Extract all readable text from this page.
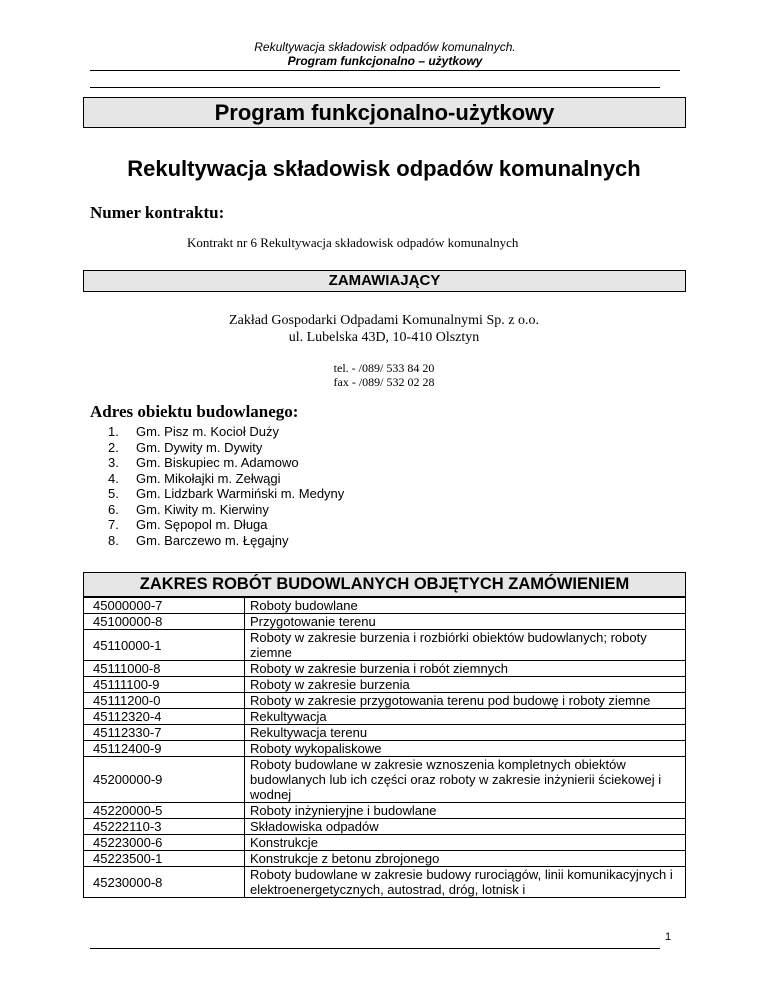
Rekultywacja składowisk odpadów komunalnych.
Program funkcjonalno – użytkowy
Program funkcjonalno-użytkowy
Rekultywacja składowisk odpadów komunalnych
Numer kontraktu:
Kontrakt nr 6 Rekultywacja składowisk odpadów komunalnych
ZAMAWIAJĄCY
Zakład Gospodarki Odpadami Komunalnymi Sp. z o.o.
ul. Lubelska 43D, 10-410 Olsztyn
tel. - /089/ 533 84 20
fax - /089/ 532 02 28
Adres obiektu budowlanego:
1.	Gm. Pisz m. Kocioł Duży
2.	Gm. Dywity m. Dywity
3.	Gm. Biskupiec m. Adamowo
4.	Gm. Mikołajki m. Zełwągi
5.	Gm. Lidzbark Warmiński m. Medyny
6.	Gm. Kiwity m. Kierwiny
7.	Gm. Sępopol m. Długa
8.	Gm. Barczewo m. Łęgajny
ZAKRES ROBÓT BUDOWLANYCH OBJĘTYCH ZAMÓWIENIEM
45000000-7	Roboty budowlane
45100000-8	Przygotowanie terenu
45110000-1	Roboty w zakresie burzenia i rozbiórki obiektów budowlanych; roboty ziemne
45111000-8	Roboty w zakresie burzenia i robót ziemnych
45111100-9	Roboty w zakresie burzenia
45111200-0	Roboty w zakresie przygotowania terenu pod budowę i roboty ziemne
45112320-4	Rekultywacja
45112330-7	Rekultywacja terenu
45112400-9	Roboty wykopaliskowe
45200000-9	Roboty budowlane w zakresie wznoszenia kompletnych obiektów budowlanych lub ich części oraz roboty w zakresie inżynierii ściekowej i wodnej
45220000-5	Roboty inżynieryjne i budowlane
45222110-3	Składowiska odpadów
45223000-6	Konstrukcje
45223500-1	Konstrukcje z betonu zbrojonego
45230000-8	Roboty budowlane w zakresie budowy rurociągów, linii komunikacyjnych i elektroenergetycznych, autostrad, dróg, lotnisk i
1
